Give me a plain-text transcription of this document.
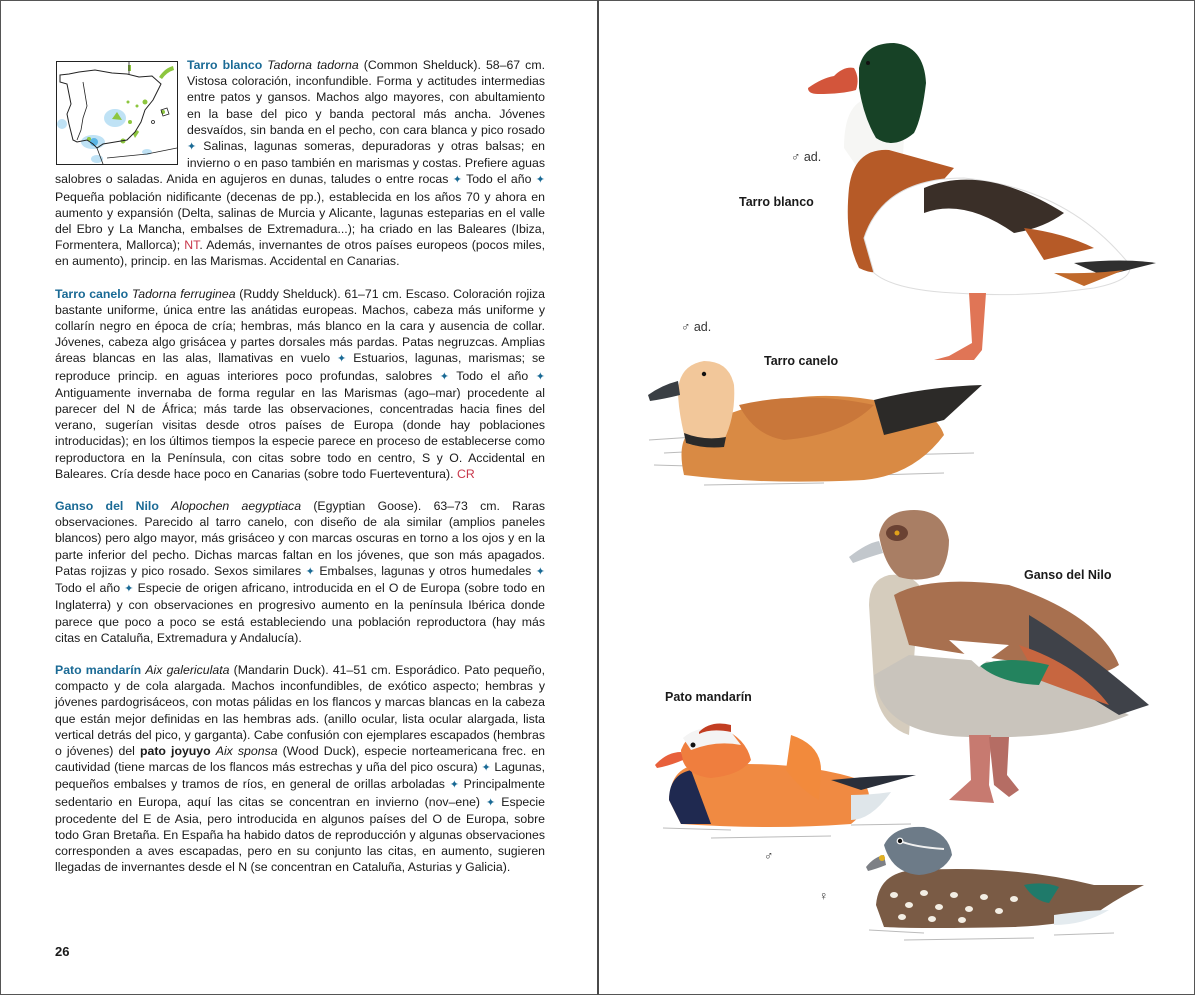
Tarro blanco Tadorna tadorna (Common Shelduck). 58–67 cm. Vistosa coloración, inconfundible. Forma y actitudes intermedias entre patos y gansos. Machos algo mayores, con abultamiento en la base del pico y banda pectoral más ancha. Jóvenes desvaídos, sin banda en el pecho, con cara blanca y pico rosado ✦ Salinas, lagunas someras, depuradoras y otras balsas; en invierno o en paso también en marismas y costas. Prefiere aguas salobres o saladas. Anida en agujeros en dunas, taludes o entre rocas ✦ Todo el año ✦ Pequeña población nidificante (decenas de pp.), establecida en los años 70 y ahora en aumento y expansión (Delta, salinas de Murcia y Alicante, lagunas esteparias en el valle del Ebro y La Mancha, embalses de Extremadura...); ha criado en las Baleares (Ibiza, Formentera, Mallorca); NT. Además, invernantes de otros países europeos (pocos miles, en aumento), princip. en las Marismas. Accidental en Canarias.

Tarro canelo Tadorna ferruginea (Ruddy Shelduck). 61–71 cm. Escaso. Coloración rojiza bastante uniforme, única entre las anátidas europeas. Machos, cabeza más uniforme y collarín negro en época de cría; hembras, más blanco en la cara y ausencia de collar. Jóvenes, cabeza algo grisácea y partes dorsales más pardas. Patas negruzcas. Amplias áreas blancas en las alas, llamativas en vuelo ✦ Estuarios, lagunas, marismas; se reproduce princip. en aguas interiores poco profundas, salobres ✦ Todo el año ✦ Antiguamente invernaba de forma regular en las Marismas (ago–mar) procedente al parecer del N de África; más tarde las observaciones, concentradas hacia fines del verano, sugerían visitas desde otros países de Europa (donde hay poblaciones introducidas); en los últimos tiempos la especie parece en proceso de establecerse como reproductora en la Península, con citas sobre todo en centro, S y O. Accidental en Baleares. Cría desde hace poco en Canarias (sobre todo Fuerteventura). CR

Ganso del Nilo Alopochen aegyptiaca (Egyptian Goose). 63–73 cm. Raras observaciones. Parecido al tarro canelo, con diseño de ala similar (amplios paneles blancos) pero algo mayor, más grisáceo y con marcas oscuras en torno a los ojos y en la parte inferior del pecho. Dichas marcas faltan en los jóvenes, que son más apagados. Patas rojizas y pico rosado. Sexos similares ✦ Embalses, lagunas y otros humedales ✦ Todo el año ✦ Especie de origen africano, introducida en el O de Europa (sobre todo en Inglaterra) y con observaciones en progresivo aumento en la península Ibérica donde parece que poco a poco se está estableciendo una población reproductora (hay más citas en Cataluña, Extremadura y Andalucía).

Pato mandarín Aix galericulata (Mandarin Duck). 41–51 cm. Esporádico. Pato pequeño, compacto y de cola alargada. Machos inconfundibles, de exótico aspecto; hembras y jóvenes pardogrisáceos, con motas pálidas en los flancos y marcas blancas en la cabeza que están mejor definidas en las hembras ads. (anillo ocular, lista ocular alargada, lista vertical detrás del pico, y garganta). Cabe confusión con ejemplares escapados (hembras o jóvenes) del pato joyuyo Aix sponsa (Wood Duck), especie norteamericana frec. en cautividad (tiene marcas de los flancos más estrechas y uña del pico oscura) ✦ Lagunas, pequeños embalses y tramos de ríos, en general de orillas arboladas ✦ Principalmente sedentario en Europa, aquí las citas se concentran en invierno (nov–ene) ✦ Especie procedente del E de Asia, pero introducida en algunos países del O de Europa, sobre todo Gran Bretaña. En España ha habido datos de reproducción y algunas observaciones corresponden a aves escapadas, pero en su conjunto las citas, en aumento, sugieren llegadas de invernantes desde el N (se concentran en Cataluña, Asturias y Galicia).

26
♂ ad.
Tarro blanco
♂ ad.
Tarro canelo
Ganso del Nilo
Pato mandarín
♂
♀
